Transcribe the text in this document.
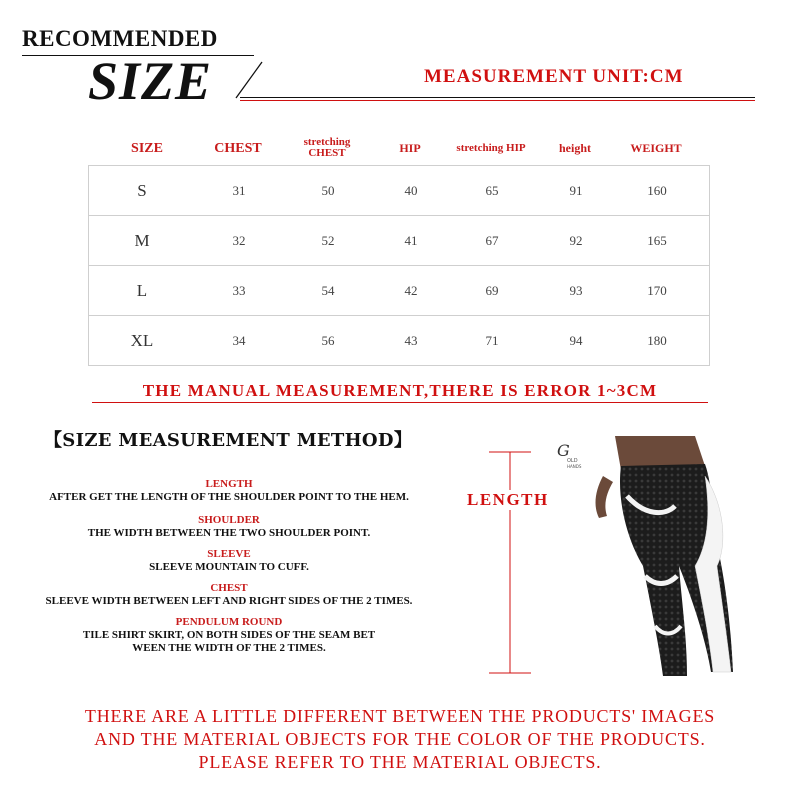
RECOMMENDED
SIZE	MEASUREMENT UNIT:CM
SIZE	CHEST	stretching CHEST	HIP	stretching HIP	height	WEIGHT
S	31	50	40	65	91	160
M	32	52	41	67	92	165
L	33	54	42	69	93	170
XL	34	56	43	71	94	180
THE MANUAL MEASUREMENT,THERE IS ERROR 1~3CM
【SIZE MEASUREMENT METHOD】
LENGTH
AFTER GET THE LENGTH OF THE SHOULDER POINT TO THE HEM.
SHOULDER
THE WIDTH BETWEEN THE TWO SHOULDER POINT.
SLEEVE
SLEEVE MOUNTAIN TO CUFF.
CHEST
SLEEVE WIDTH BETWEEN LEFT AND RIGHT SIDES OF THE 2 TIMES.
PENDULUM ROUND
TILE SHIRT SKIRT, ON BOTH SIDES OF THE SEAM BET
WEEN THE WIDTH OF THE 2 TIMES.
LENGTH
G
OLD
HANDS
THERE ARE A LITTLE DIFFERENT BETWEEN THE PRODUCTS' IMAGES
AND THE MATERIAL OBJECTS FOR THE COLOR OF THE PRODUCTS.
PLEASE REFER TO THE MATERIAL OBJECTS.
